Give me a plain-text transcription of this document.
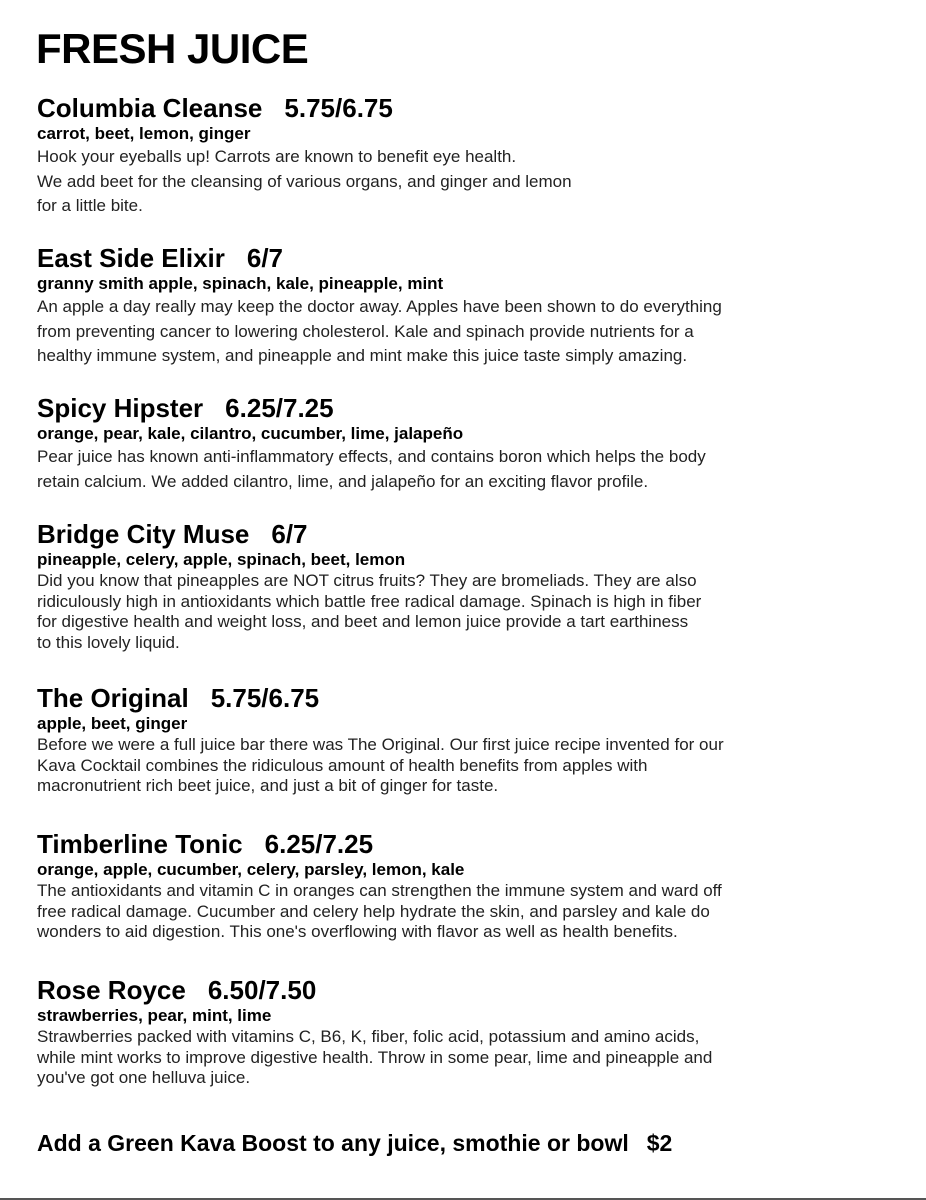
FRESH JUICE
Columbia Cleanse 5.75/6.75
carrot, beet, lemon, ginger
Hook your eyeballs up! Carrots are known to benefit eye health.
We add beet for the cleansing of various organs, and ginger and lemon
for a little bite.
East Side Elixir 6/7
granny smith apple, spinach, kale, pineapple, mint
An apple a day really may keep the doctor away. Apples have been shown to do everything
from preventing cancer to lowering cholesterol. Kale and spinach provide nutrients for a
healthy immune system, and pineapple and mint make this juice taste simply amazing.
Spicy Hipster 6.25/7.25
orange, pear, kale, cilantro, cucumber, lime, jalapeño
Pear juice has known anti-inflammatory effects, and contains boron which helps the body
retain calcium. We added cilantro, lime, and jalapeño for an exciting flavor profile.
Bridge City Muse 6/7
pineapple, celery, apple, spinach, beet, lemon
Did you know that pineapples are NOT citrus fruits? They are bromeliads. They are also
ridiculously high in antioxidants which battle free radical damage. Spinach is high in fiber
for digestive health and weight loss, and beet and lemon juice provide a tart earthiness
to this lovely liquid.
The Original 5.75/6.75
apple, beet, ginger
Before we were a full juice bar there was The Original. Our first juice recipe invented for our
Kava Cocktail combines the ridiculous amount of health benefits from apples with
macronutrient rich beet juice, and just a bit of ginger for taste.
Timberline Tonic 6.25/7.25
orange, apple, cucumber, celery, parsley, lemon, kale
The antioxidants and vitamin C in oranges can strengthen the immune system and ward off
free radical damage. Cucumber and celery help hydrate the skin, and parsley and kale do
wonders to aid digestion. This one's overflowing with flavor as well as health benefits.
Rose Royce 6.50/7.50
strawberries, pear, mint, lime
Strawberries packed with vitamins C, B6, K, fiber, folic acid, potassium and amino acids,
while mint works to improve digestive health. Throw in some pear, lime and pineapple and
you've got one helluva juice.
Add a Green Kava Boost to any juice, smothie or bowl $2
